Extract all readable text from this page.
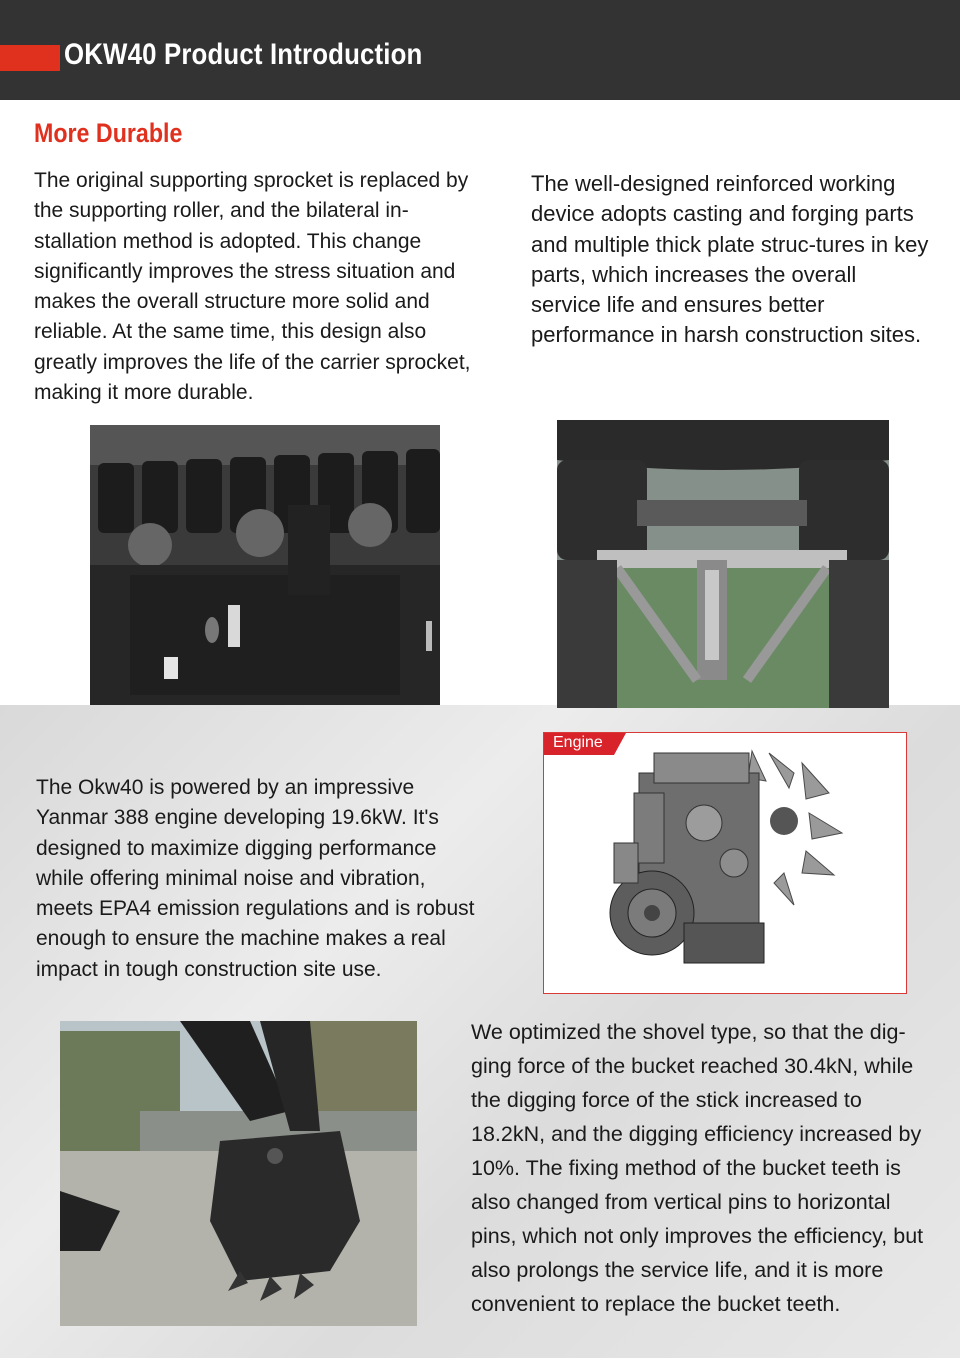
OKW40 Product Introduction
More Durable
The original supporting sprocket is replaced by the supporting roller, and the bilateral in-stallation method is adopted. This change significantly improves the stress situation and makes the overall structure more solid and reliable. At the same time, this design also greatly improves the life of the carrier sprocket, making it more durable.
The well-designed reinforced working device adopts casting and forging parts and multiple thick plate struc-tures in key parts, which increases the overall service life and ensures better performance in harsh construction sites.
The Okw40 is powered by an impressive Yanmar 388 engine developing 19.6kW. It's designed to maximize digging performance while offering minimal noise and vibration, meets EPA4 emission regulations and is robust enough to ensure the machine makes a real impact in tough construction site use.
Engine
We optimized the shovel type, so that the dig-ging force of the bucket reached 30.4kN, while the digging force of the stick increased to 18.2kN, and the digging efficiency increased by 10%. The fixing method of the bucket teeth is also changed from vertical pins to horizontal pins, which not only improves the efficiency, but also prolongs the service life, and it is more convenient to replace the bucket teeth.
